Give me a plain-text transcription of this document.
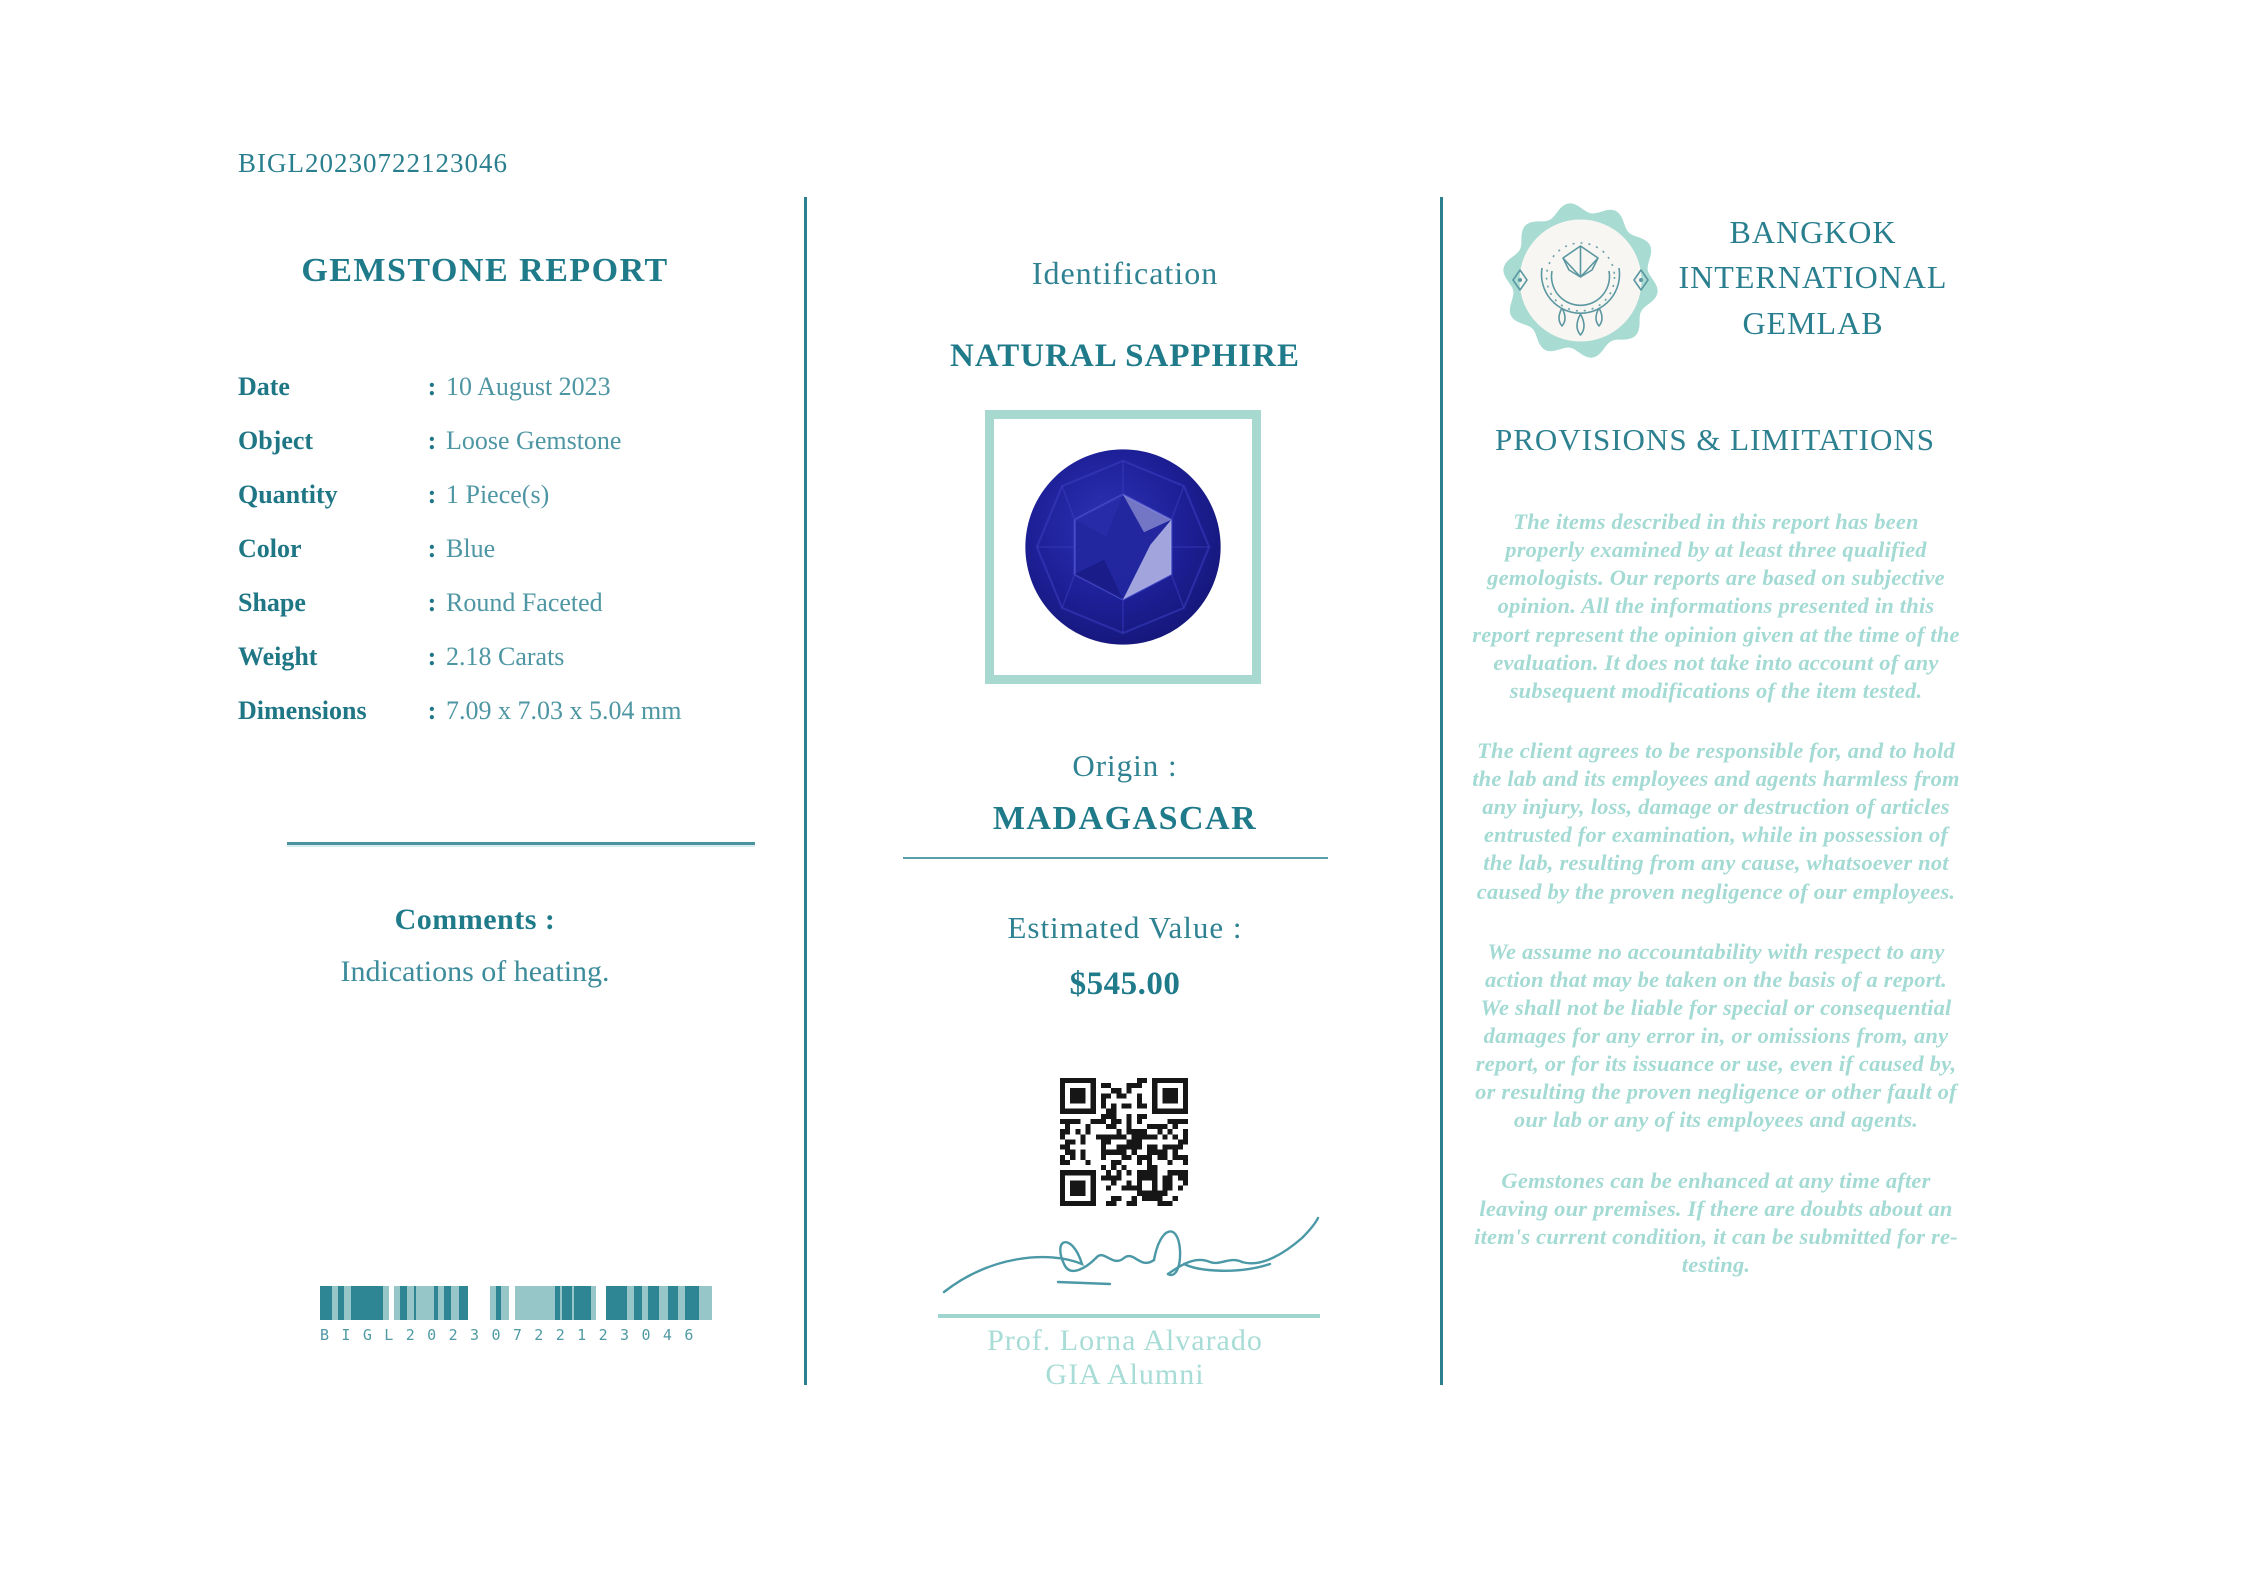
BIGL20230722123046
GEMSTONE REPORT
Date	: 10 August 2023
Object	: Loose Gemstone
Quantity	: 1 Piece(s)
Color	: Blue
Shape	: Round Faceted
Weight	: 2.18 Carats
Dimensions	: 7.09 x 7.03 x 5.04 mm
Comments :
Indications of heating.
BIGL20230722123046
Identification
NATURAL SAPPHIRE
Origin :
MADAGASCAR
Estimated Value :
$545.00
Prof. Lorna Alvarado
GIA Alumni
BANGKOK INTERNATIONAL GEMLAB
PROVISIONS & LIMITATIONS

The items described in this report has been properly examined by at least three qualified gemologists. Our reports are based on subjective opinion. All the informations presented in this report represent the opinion given at the time of the evaluation. It does not take into account of any subsequent modifications of the item tested.

The client agrees to be responsible for, and to hold the lab and its employees and agents harmless from any injury, loss, damage or destruction of articles entrusted for examination, while in possession of the lab, resulting from any cause, whatsoever not caused by the proven negligence of our employees.

We assume no accountability with respect to any action that may be taken on the basis of a report. We shall not be liable for special or consequential damages for any error in, or omissions from, any report, or for its issuance or use, even if caused by, or resulting the proven negligence or other fault of our lab or any of its employees and agents.

Gemstones can be enhanced at any time after leaving our premises. If there are doubts about an item's current condition, it can be submitted for re-testing.
